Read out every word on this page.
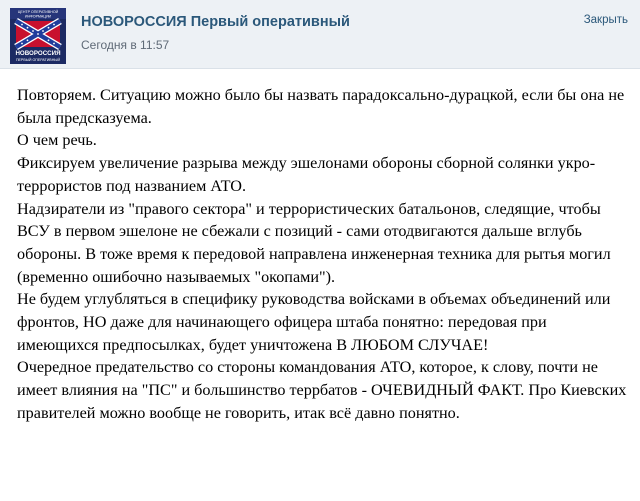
ЦЕНТР ОПЕРАТИВНОЙ
ИНФОРМАЦИИ
НОВОРОССИЯ
ПЕРВЫЙ ОПЕРАТИВНЫЙ
НОВОРОССИЯ Первый оперативный
Сегодня в 11:57
Закрыть

Повторяем. Ситуацию можно было бы назвать парадоксально-дурацкой, если бы она не была предсказуема.

О чем речь.

Фиксируем увеличение разрыва между эшелонами обороны сборной солянки укро-террористов под названием АТО.

Надзиратели из "правого сектора" и террористических батальонов, следящие, чтобы ВСУ в первом эшелоне не сбежали с позиций - сами отодвигаются дальше вглубь обороны. В тоже время к передовой направлена инженерная техника для рытья могил (временно ошибочно называемых "окопами").

Не будем углубляться в специфику руководства войсками в объемах объединений или фронтов, НО даже для начинающего офицера штаба понятно: передовая при имеющихся предпосылках, будет уничтожена В ЛЮБОМ СЛУЧАЕ!

Очередное предательство со стороны командования АТО, которое, к слову, почти не имеет влияния на "ПС" и большинство террбатов - ОЧЕВИДНЫЙ ФАКТ. Про Киевских правителей можно вообще не говорить, итак всё давно понятно.
